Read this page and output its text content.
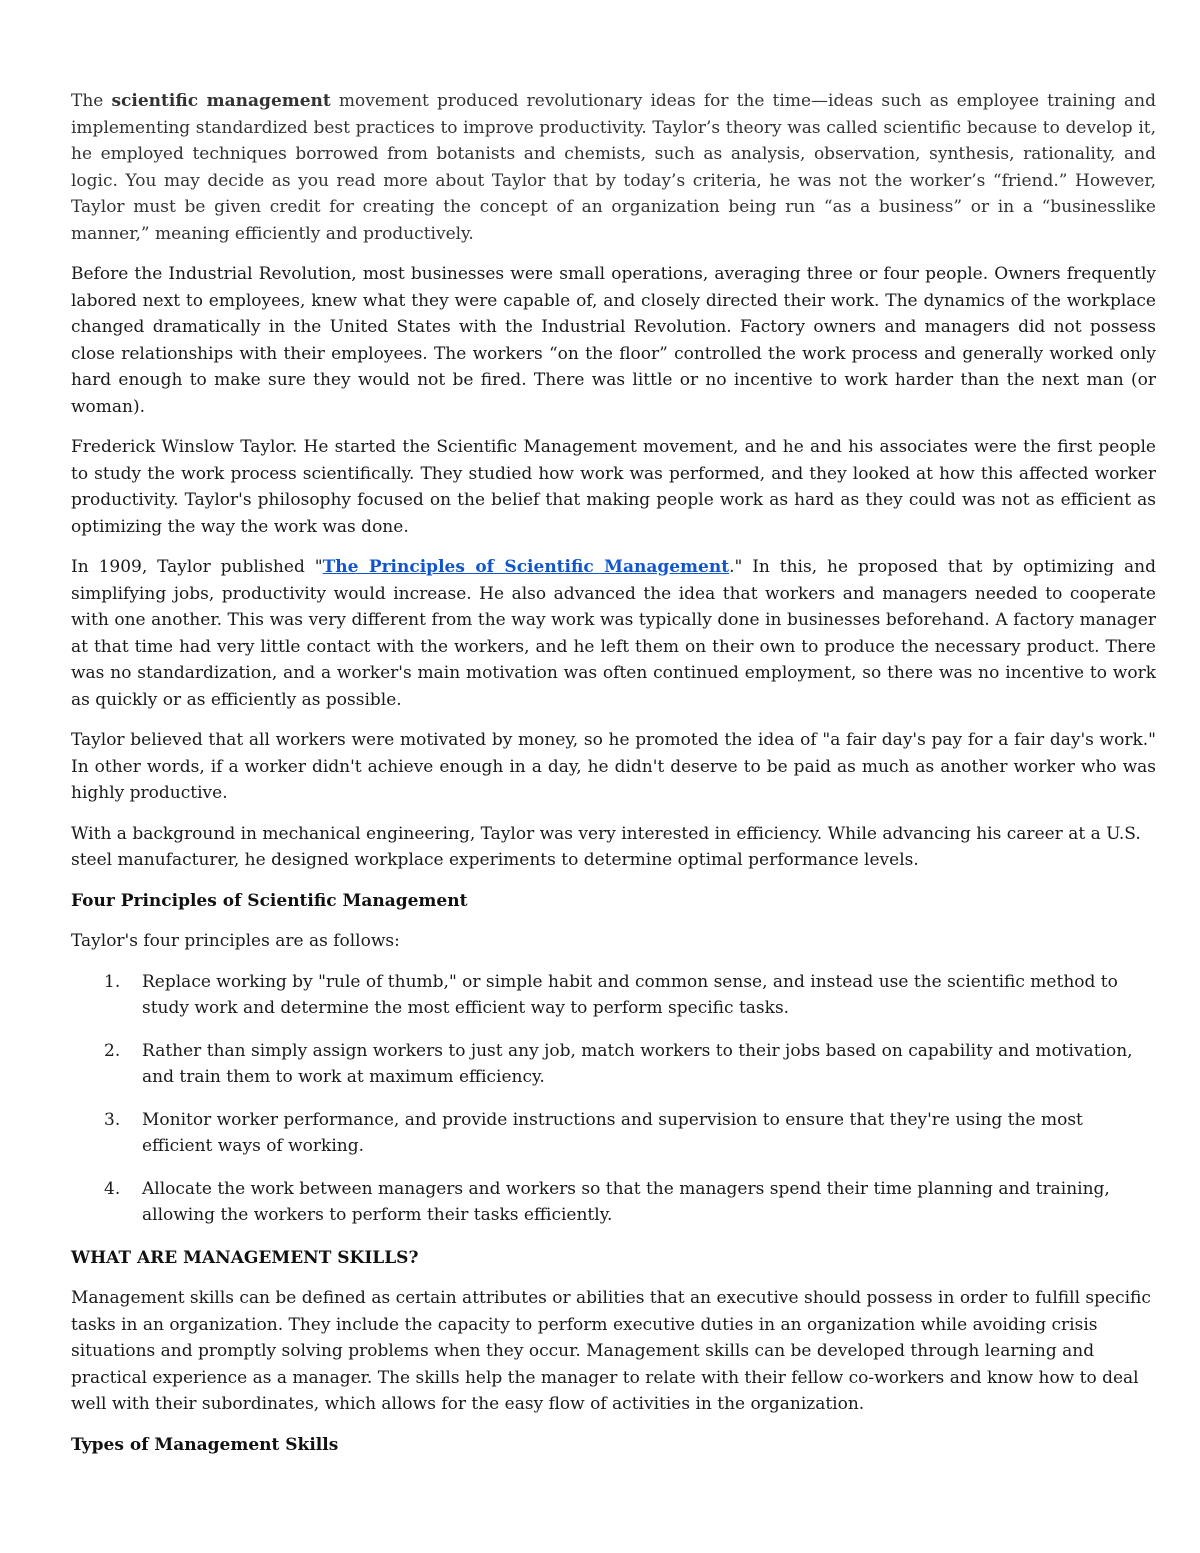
The scientific management movement produced revolutionary ideas for the time—ideas such as employee training and implementing standardized best practices to improve productivity. Taylor’s theory was called scientific because to develop it, he employed techniques borrowed from botanists and chemists, such as analysis, observation, synthesis, rationality, and logic. You may decide as you read more about Taylor that by today’s criteria, he was not the worker’s “friend.” However, Taylor must be given credit for creating the concept of an organization being run “as a business” or in a “businesslike manner,” meaning efficiently and productively.

Before the Industrial Revolution, most businesses were small operations, averaging three or four people. Owners frequently labored next to employees, knew what they were capable of, and closely directed their work. The dynamics of the workplace changed dramatically in the United States with the Industrial Revolution. Factory owners and managers did not possess close relationships with their employees. The workers “on the floor” controlled the work process and generally worked only hard enough to make sure they would not be fired. There was little or no incentive to work harder than the next man (or woman).

Frederick Winslow Taylor. He started the Scientific Management movement, and he and his associates were the first people to study the work process scientifically. They studied how work was performed, and they looked at how this affected worker productivity. Taylor's philosophy focused on the belief that making people work as hard as they could was not as efficient as optimizing the way the work was done.

In 1909, Taylor published "The Principles of Scientific Management." In this, he proposed that by optimizing and simplifying jobs, productivity would increase. He also advanced the idea that workers and managers needed to cooperate with one another. This was very different from the way work was typically done in businesses beforehand. A factory manager at that time had very little contact with the workers, and he left them on their own to produce the necessary product. There was no standardization, and a worker's main motivation was often continued employment, so there was no incentive to work as quickly or as efficiently as possible.

Taylor believed that all workers were motivated by money, so he promoted the idea of "a fair day's pay for a fair day's work." In other words, if a worker didn't achieve enough in a day, he didn't deserve to be paid as much as another worker who was highly productive.

With a background in mechanical engineering, Taylor was very interested in efficiency. While advancing his career at a U.S. steel manufacturer, he designed workplace experiments to determine optimal performance levels.

Four Principles of Scientific Management

Taylor's four principles are as follows:

1. Replace working by "rule of thumb," or simple habit and common sense, and instead use the scientific method to study work and determine the most efficient way to perform specific tasks.
2. Rather than simply assign workers to just any job, match workers to their jobs based on capability and motivation, and train them to work at maximum efficiency.
3. Monitor worker performance, and provide instructions and supervision to ensure that they're using the most efficient ways of working.
4. Allocate the work between managers and workers so that the managers spend their time planning and training, allowing the workers to perform their tasks efficiently.

WHAT ARE MANAGEMENT SKILLS?

Management skills can be defined as certain attributes or abilities that an executive should possess in order to fulfill specific tasks in an organization. They include the capacity to perform executive duties in an organization while avoiding crisis situations and promptly solving problems when they occur. Management skills can be developed through learning and practical experience as a manager. The skills help the manager to relate with their fellow co-workers and know how to deal well with their subordinates, which allows for the easy flow of activities in the organization.

Types of Management Skills
